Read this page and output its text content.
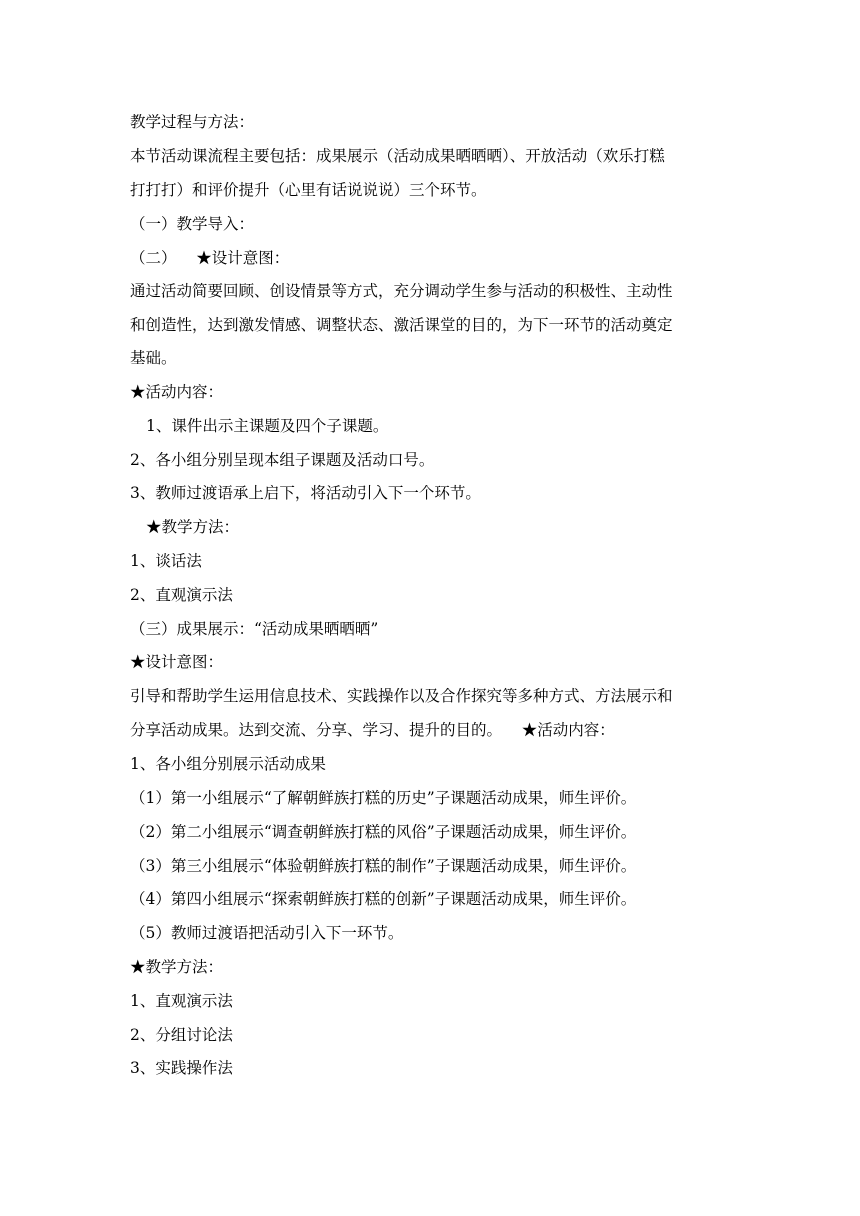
教学过程与方法：
本节活动课流程主要包括：成果展示（活动成果晒晒晒）、开放活动（欢乐打糕
打打打）和评价提升（心里有话说说说）三个环节。
（一）教学导入：
（二）    ★设计意图：
通过活动简要回顾、创设情景等方式，充分调动学生参与活动的积极性、主动性
和创造性，达到激发情感、调整状态、激活课堂的目的，为下一环节的活动奠定
基础。
★活动内容：
1、课件出示主课题及四个子课题。
2、各小组分别呈现本组子课题及活动口号。
3、教师过渡语承上启下，将活动引入下一个环节。
★教学方法：
1、谈话法
2、直观演示法
（三）成果展示：“活动成果晒晒晒”
★设计意图：
引导和帮助学生运用信息技术、实践操作以及合作探究等多种方式、方法展示和
分享活动成果。达到交流、分享、学习、提升的目的。    ★活动内容：
1、各小组分别展示活动成果
（1）第一小组展示“了解朝鲜族打糕的历史”子课题活动成果，师生评价。
（2）第二小组展示“调查朝鲜族打糕的风俗”子课题活动成果，师生评价。
（3）第三小组展示“体验朝鲜族打糕的制作”子课题活动成果，师生评价。
（4）第四小组展示“探索朝鲜族打糕的创新”子课题活动成果，师生评价。
（5）教师过渡语把活动引入下一环节。
★教学方法：
1、直观演示法
2、分组讨论法
3、实践操作法
